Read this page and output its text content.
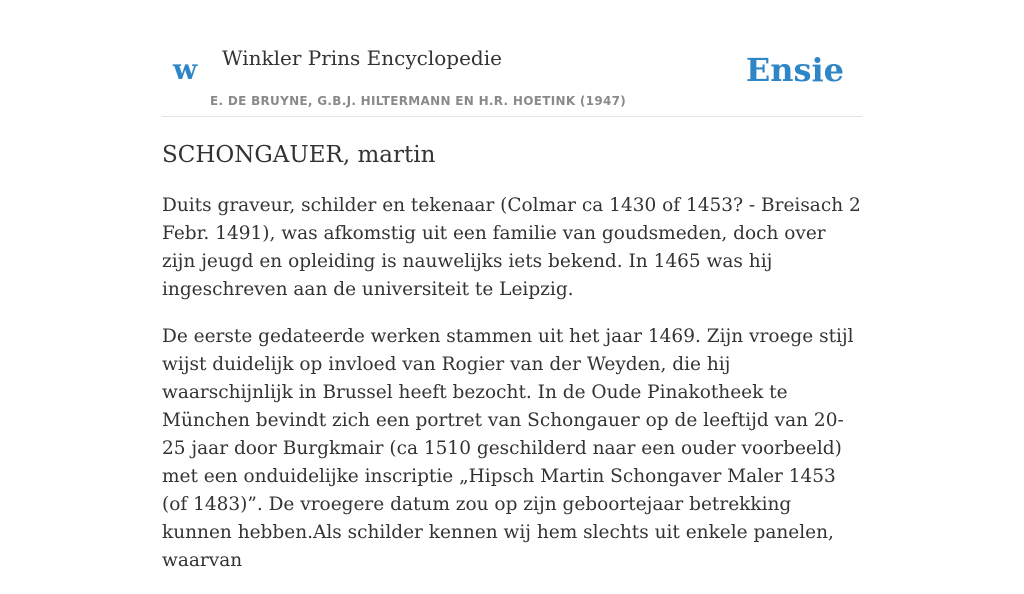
w Winkler Prins Encyclopedie
E. DE BRUYNE, G.B.J. HILTERMANN EN H.R. HOETINK (1947)
Ensie
SCHONGAUER, martin

Duits graveur, schilder en tekenaar (Colmar ca 1430 of 1453? - Breisach 2 Febr. 1491), was afkomstig uit een familie van goudsmeden, doch over zijn jeugd en opleiding is nauwelijks iets bekend. In 1465 was hij ingeschreven aan de universiteit te Leipzig.

De eerste gedateerde werken stammen uit het jaar 1469. Zijn vroege stijl wijst duidelijk op invloed van Rogier van der Weyden, die hij waarschijnlijk in Brussel heeft bezocht. In de Oude Pinakotheek te München bevindt zich een portret van Schongauer op de leeftijd van 20-25 jaar door Burgkmair (ca 1510 geschilderd naar een ouder voorbeeld) met een onduidelijke inscriptie „Hipsch Martin Schongaver Maler 1453 (of 1483)”. De vroegere datum zou op zijn geboortejaar betrekking kunnen hebben.Als schilder kennen wij hem slechts uit enkele panelen, waarvan
